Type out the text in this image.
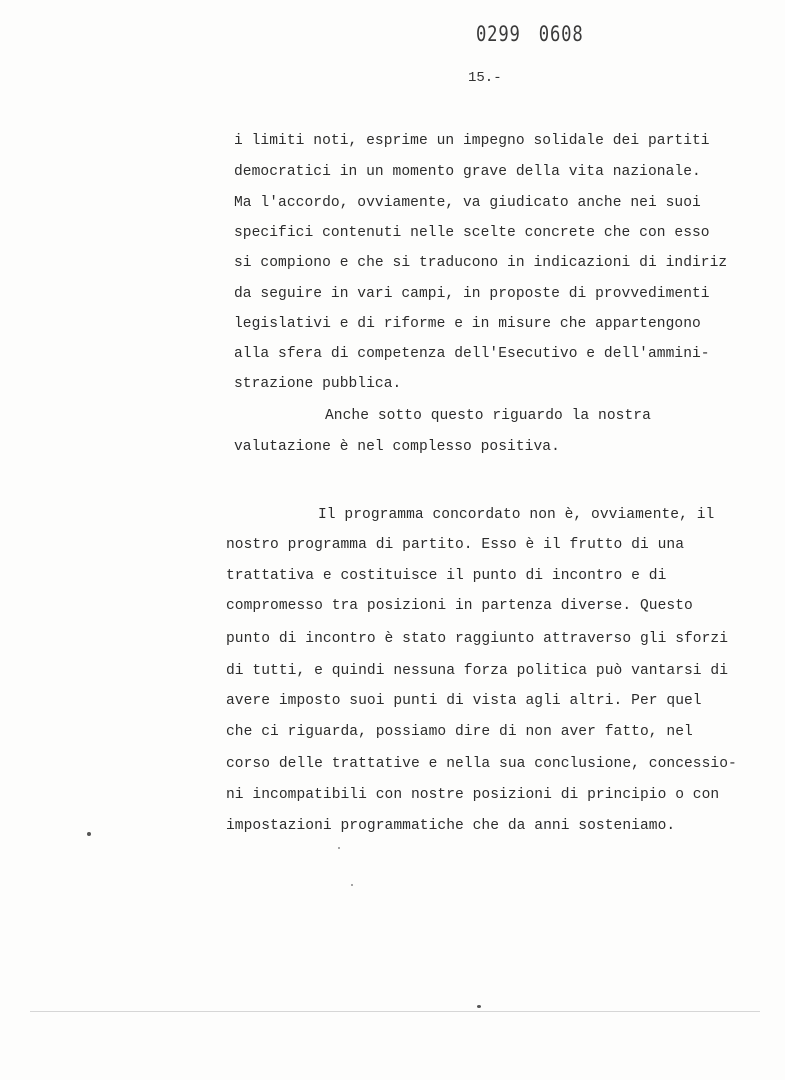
0299 0608
15.-
i limiti noti, esprime un impegno solidale dei partiti
democratici in un momento grave della vita nazionale.
Ma l'accordo, ovviamente, va giudicato anche nei suoi
specifici contenuti nelle scelte concrete che con esso
si compiono e che si traducono in indicazioni di indiriz
da seguire in vari campi, in proposte di provvedimenti
legislativi e di riforme e in misure che appartengono
alla sfera di competenza dell'Esecutivo e dell'ammini-
strazione pubblica.
Anche sotto questo riguardo la nostra
valutazione è nel complesso positiva.
Il programma concordato non è, ovviamente, il
nostro programma di partito. Esso è il frutto di una
trattativa e costituisce il punto di incontro e di
compromesso tra posizioni in partenza diverse. Questo
punto di incontro è stato raggiunto attraverso gli sforzi
di tutti, e quindi nessuna forza politica può vantarsi di
avere imposto suoi punti di vista agli altri. Per quel
che ci riguarda, possiamo dire di non aver fatto, nel
corso delle trattative e nella sua conclusione, concessio-
ni incompatibili con nostre posizioni di principio o con
impostazioni programmatiche che da anni sosteniamo.
